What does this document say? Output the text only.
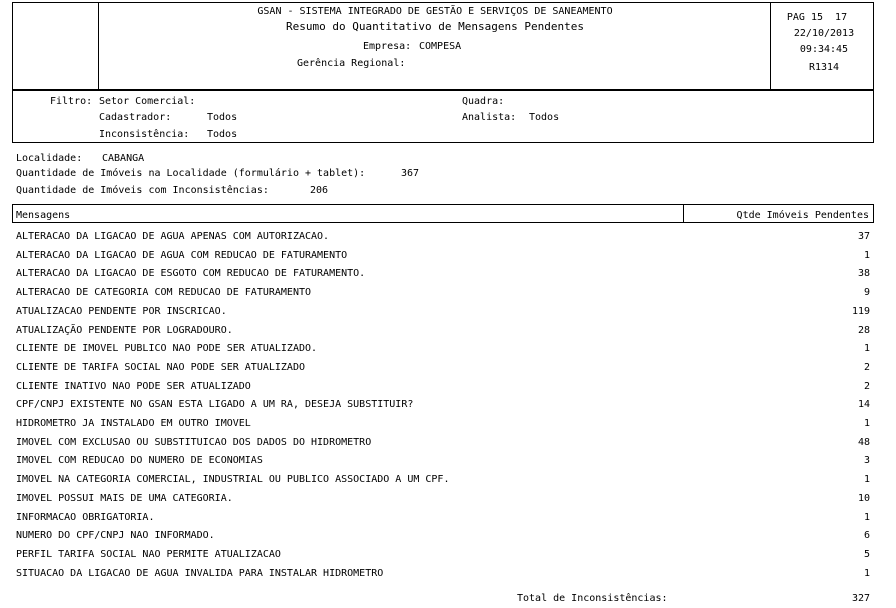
GSAN - SISTEMA INTEGRADO DE GESTÃO E SERVIÇOS DE SANEAMENTO
Resumo do Quantitativo de Mensagens Pendentes
Empresa: COMPESA
Gerência Regional:
PAG 15  17
22/10/2013
09:34:45
R1314
Filtro: Setor Comercial:	Quadra:
Cadastrador:	Todos	Analista: Todos
Inconsistência: Todos
Localidade: CABANGA
Quantidade de Imóveis na Localidade (formulário + tablet):	367
Quantidade de Imóveis com Inconsistências:	206
Mensagens	Qtde Imóveis Pendentes
ALTERACAO DA LIGACAO DE AGUA APENAS COM AUTORIZACAO.	37
ALTERACAO DA LIGACAO DE AGUA COM REDUCAO DE FATURAMENTO	1
ALTERACAO DA LIGACAO DE ESGOTO COM REDUCAO DE FATURAMENTO.	38
ALTERACAO DE CATEGORIA COM REDUCAO DE FATURAMENTO	9
ATUALIZACAO PENDENTE POR INSCRICAO.	119
ATUALIZAÇÃO PENDENTE POR LOGRADOURO.	28
CLIENTE DE IMOVEL PUBLICO NAO PODE SER ATUALIZADO.	1
CLIENTE DE TARIFA SOCIAL NAO PODE SER ATUALIZADO	2
CLIENTE INATIVO NAO PODE SER ATUALIZADO	2
CPF/CNPJ EXISTENTE NO GSAN ESTA LIGADO A UM RA, DESEJA SUBSTITUIR?	14
HIDROMETRO JA INSTALADO EM OUTRO IMOVEL	1
IMOVEL COM EXCLUSAO OU SUBSTITUICAO DOS DADOS DO HIDROMETRO	48
IMOVEL COM REDUCAO DO NUMERO DE ECONOMIAS	3
IMOVEL NA CATEGORIA COMERCIAL, INDUSTRIAL OU PUBLICO ASSOCIADO A UM CPF.	1
IMOVEL POSSUI MAIS DE UMA CATEGORIA.	10
INFORMACAO OBRIGATORIA.	1
NUMERO DO CPF/CNPJ NAO INFORMADO.	6
PERFIL TARIFA SOCIAL NAO PERMITE ATUALIZACAO	5
SITUACAO DA LIGACAO DE AGUA INVALIDA PARA INSTALAR HIDROMETRO	1
Total de Inconsistências:	327
